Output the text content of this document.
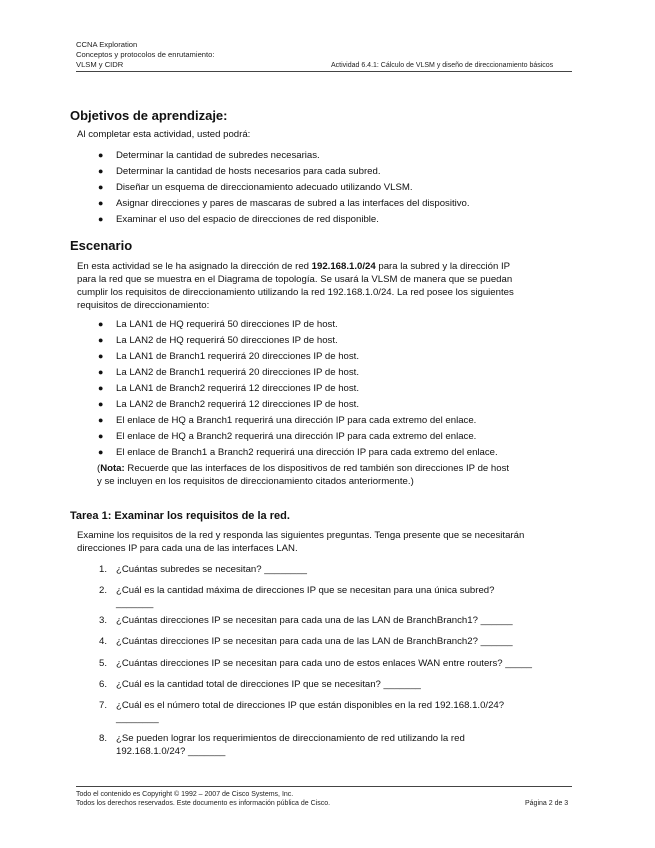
CCNA Exploration
Conceptos y protocolos de enrutamiento:
VLSM y CIDR	Actividad 6.4.1: Cálculo de VLSM y diseño de direccionamiento básicos
Objetivos de aprendizaje:
Al completar esta actividad, usted podrá:
● Determinar la cantidad de subredes necesarias.
● Determinar la cantidad de hosts necesarios para cada subred.
● Diseñar un esquema de direccionamiento adecuado utilizando VLSM.
● Asignar direcciones y pares de mascaras de subred a las interfaces del dispositivo.
● Examinar el uso del espacio de direcciones de red disponible.
Escenario
En esta actividad se le ha asignado la dirección de red 192.168.1.0/24 para la subred y la dirección IP
para la red que se muestra en el Diagrama de topología. Se usará la VLSM de manera que se puedan
cumplir los requisitos de direccionamiento utilizando la red 192.168.1.0/24. La red posee los siguientes
requisitos de direccionamiento:
● La LAN1 de HQ requerirá 50 direcciones IP de host.
● La LAN2 de HQ requerirá 50 direcciones IP de host.
● La LAN1 de Branch1 requerirá 20 direcciones IP de host.
● La LAN2 de Branch1 requerirá 20 direcciones IP de host.
● La LAN1 de Branch2 requerirá 12 direcciones IP de host.
● La LAN2 de Branch2 requerirá 12 direcciones IP de host.
● El enlace de HQ a Branch1 requerirá una dirección IP para cada extremo del enlace.
● El enlace de HQ a Branch2 requerirá una dirección IP para cada extremo del enlace.
● El enlace de Branch1 a Branch2 requerirá una dirección IP para cada extremo del enlace.
(Nota: Recuerde que las interfaces de los dispositivos de red también son direcciones IP de host
y se incluyen en los requisitos de direccionamiento citados anteriormente.)
Tarea 1: Examinar los requisitos de la red.
Examine los requisitos de la red y responda las siguientes preguntas. Tenga presente que se necesitarán
direcciones IP para cada una de las interfaces LAN.
1. ¿Cuántas subredes se necesitan? ________
2. ¿Cuál es la cantidad máxima de direcciones IP que se necesitan para una única subred?
_______
3. ¿Cuántas direcciones IP se necesitan para cada una de las LAN de BranchBranch1? ______
4. ¿Cuántas direcciones IP se necesitan para cada una de las LAN de BranchBranch2? ______
5. ¿Cuántas direcciones IP se necesitan para cada uno de estos enlaces WAN entre routers? _____
6. ¿Cuál es la cantidad total de direcciones IP que se necesitan? _______
7. ¿Cuál es el número total de direcciones IP que están disponibles en la red 192.168.1.0/24?
________
8. ¿Se pueden lograr los requerimientos de direccionamiento de red utilizando la red
192.168.1.0/24? _______
Todo el contenido es Copyright © 1992 – 2007 de Cisco Systems, Inc.
Todos los derechos reservados. Este documento es información pública de Cisco.	Página 2 de 3
